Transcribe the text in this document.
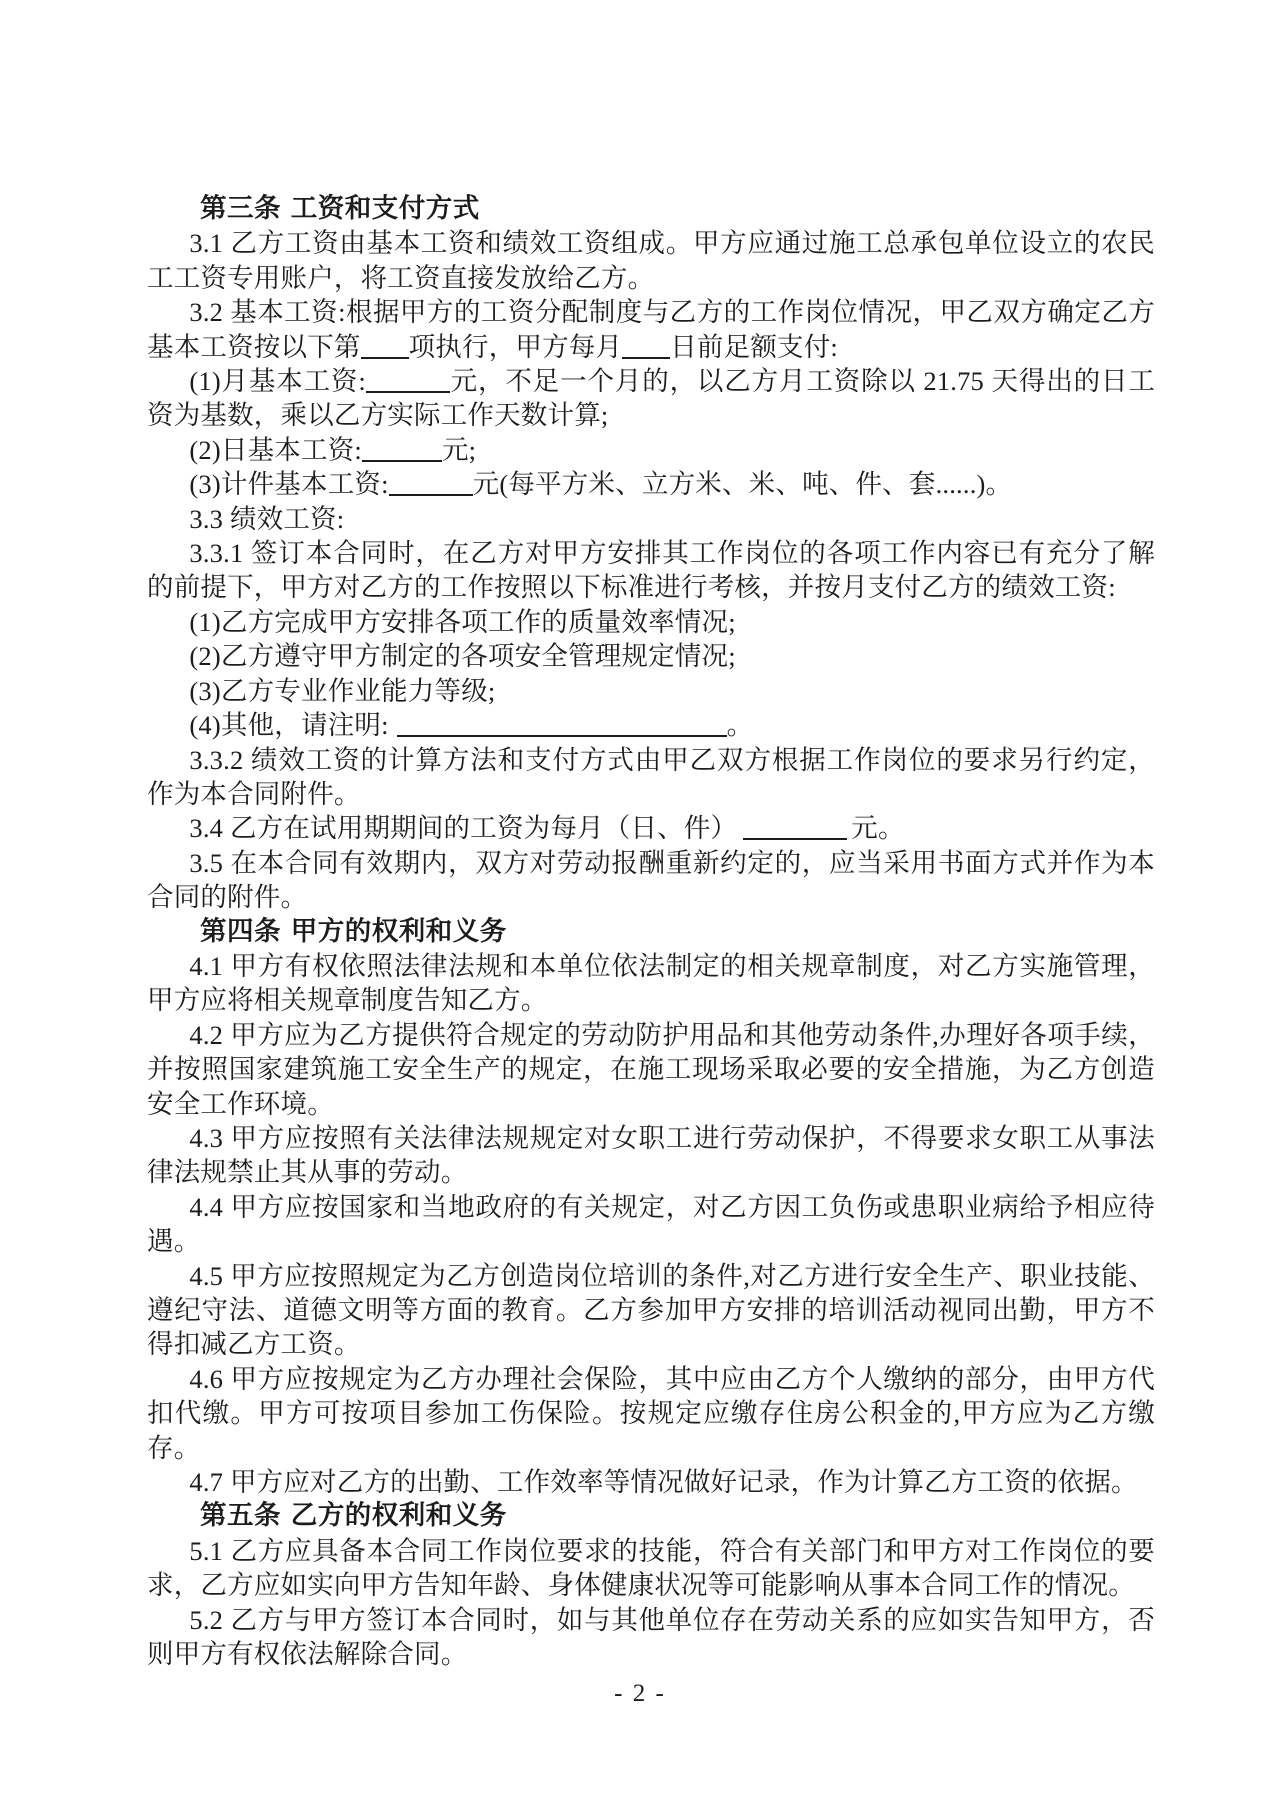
第三条 工资和支付方式

3.1 乙方工资由基本工资和绩效工资组成。甲方应通过施工总承包单位设立的农民工工资专用账户，将工资直接发放给乙方。

3.2 基本工资:根据甲方的工资分配制度与乙方的工作岗位情况，甲乙双方确定乙方基本工资按以下第 项执行，甲方每月 日前足额支付:

(1)月基本工资:	元，不足一个月的，以乙方月工资除以 21.75 天得出的日工资为基数，乘以乙方实际工作天数计算;

(2)日基本工资:	元;

(3)计件基本工资:	元(每平方米、立方米、米、吨、件、套......)。

3.3 绩效工资:

3.3.1 签订本合同时，在乙方对甲方安排其工作岗位的各项工作内容已有充分了解的前提下，甲方对乙方的工作按照以下标准进行考核，并按月支付乙方的绩效工资:

(1)乙方完成甲方安排各项工作的质量效率情况;

(2)乙方遵守甲方制定的各项安全管理规定情况;

(3)乙方专业作业能力等级;

(4)其他，请注明:	。

3.3.2 绩效工资的计算方法和支付方式由甲乙双方根据工作岗位的要求另行约定，作为本合同附件。

3.4 乙方在试用期期间的工资为每月（日、件）	元。

3.5 在本合同有效期内，双方对劳动报酬重新约定的，应当采用书面方式并作为本合同的附件。

第四条 甲方的权利和义务

4.1 甲方有权依照法律法规和本单位依法制定的相关规章制度，对乙方实施管理，甲方应将相关规章制度告知乙方。

4.2 甲方应为乙方提供符合规定的劳动防护用品和其他劳动条件,办理好各项手续，并按照国家建筑施工安全生产的规定，在施工现场采取必要的安全措施，为乙方创造安全工作环境。

4.3 甲方应按照有关法律法规规定对女职工进行劳动保护，不得要求女职工从事法律法规禁止其从事的劳动。

4.4 甲方应按国家和当地政府的有关规定，对乙方因工负伤或患职业病给予相应待遇。

4.5 甲方应按照规定为乙方创造岗位培训的条件,对乙方进行安全生产、职业技能、遵纪守法、道德文明等方面的教育。乙方参加甲方安排的培训活动视同出勤，甲方不得扣减乙方工资。

4.6 甲方应按规定为乙方办理社会保险，其中应由乙方个人缴纳的部分，由甲方代扣代缴。甲方可按项目参加工伤保险。按规定应缴存住房公积金的,甲方应为乙方缴存。

4.7 甲方应对乙方的出勤、工作效率等情况做好记录，作为计算乙方工资的依据。

第五条 乙方的权利和义务

5.1 乙方应具备本合同工作岗位要求的技能，符合有关部门和甲方对工作岗位的要求，乙方应如实向甲方告知年龄、身体健康状况等可能影响从事本合同工作的情况。

5.2 乙方与甲方签订本合同时，如与其他单位存在劳动关系的应如实告知甲方，否则甲方有权依法解除合同。

- 2 -
